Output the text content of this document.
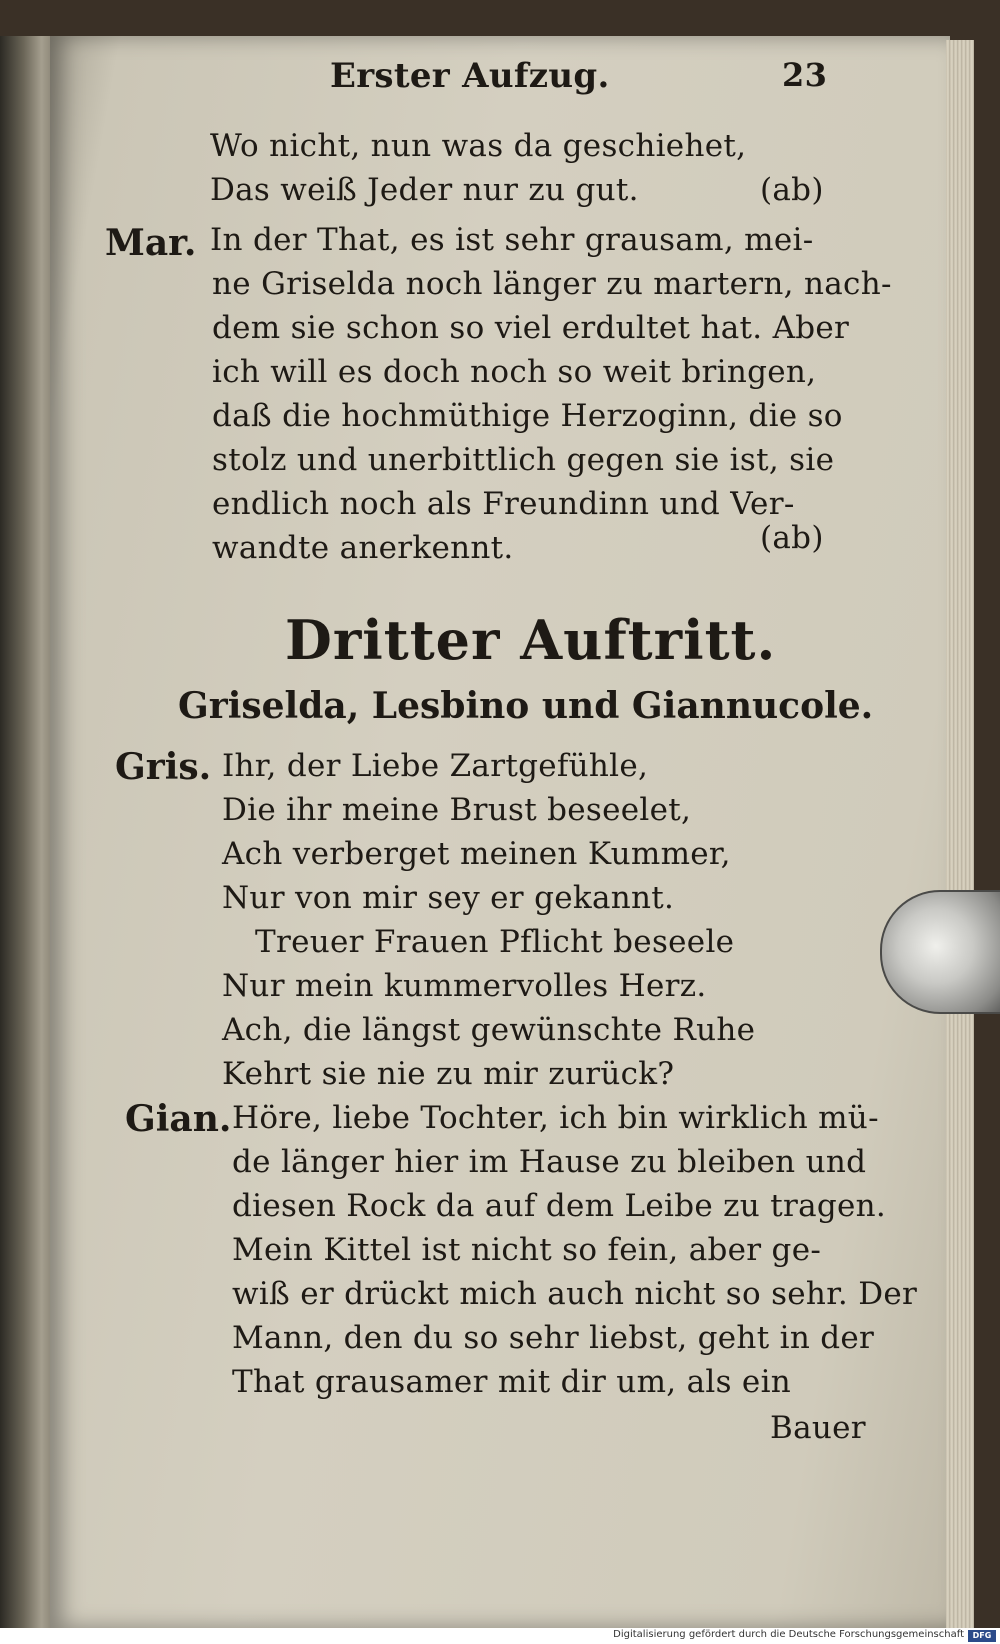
Erster Aufzug.	23
Wo nicht, nun was da geschiehet,
Das weiß Jeder nur zu gut.	(ab)
Mar. In der That, es ist sehr grausam, mei-
ne Griselda noch länger zu martern, nach-
dem sie schon so viel erdultet hat. Aber
ich will es doch noch so weit bringen,
daß die hochmüthige Herzoginn, die so
stolz und unerbittlich gegen sie ist, sie
endlich noch als Freundinn und Ver-
wandte anerkennt.	(ab)
Dritter Auftritt.
Griselda, Lesbino und Giannucole.
Gris. Ihr, der Liebe Zartgefühle,
Die ihr meine Brust beseelet,
Ach verberget meinen Kummer,
Nur von mir sey er gekannt.
Treuer Frauen Pflicht beseele
Nur mein kummervolles Herz.
Ach, die längst gewünschte Ruhe
Kehrt sie nie zu mir zurück?
Gian. Höre, liebe Tochter, ich bin wirklich mü-
de länger hier im Hause zu bleiben und
diesen Rock da auf dem Leibe zu tragen.
Mein Kittel ist nicht so fein, aber ge-
wiß er drückt mich auch nicht so sehr. Der
Mann, den du so sehr liebst, geht in der
That grausamer mit dir um, als ein
Bauer
Digitalisierung gefördert durch die Deutsche Forschungsgemeinschaft	DFG
